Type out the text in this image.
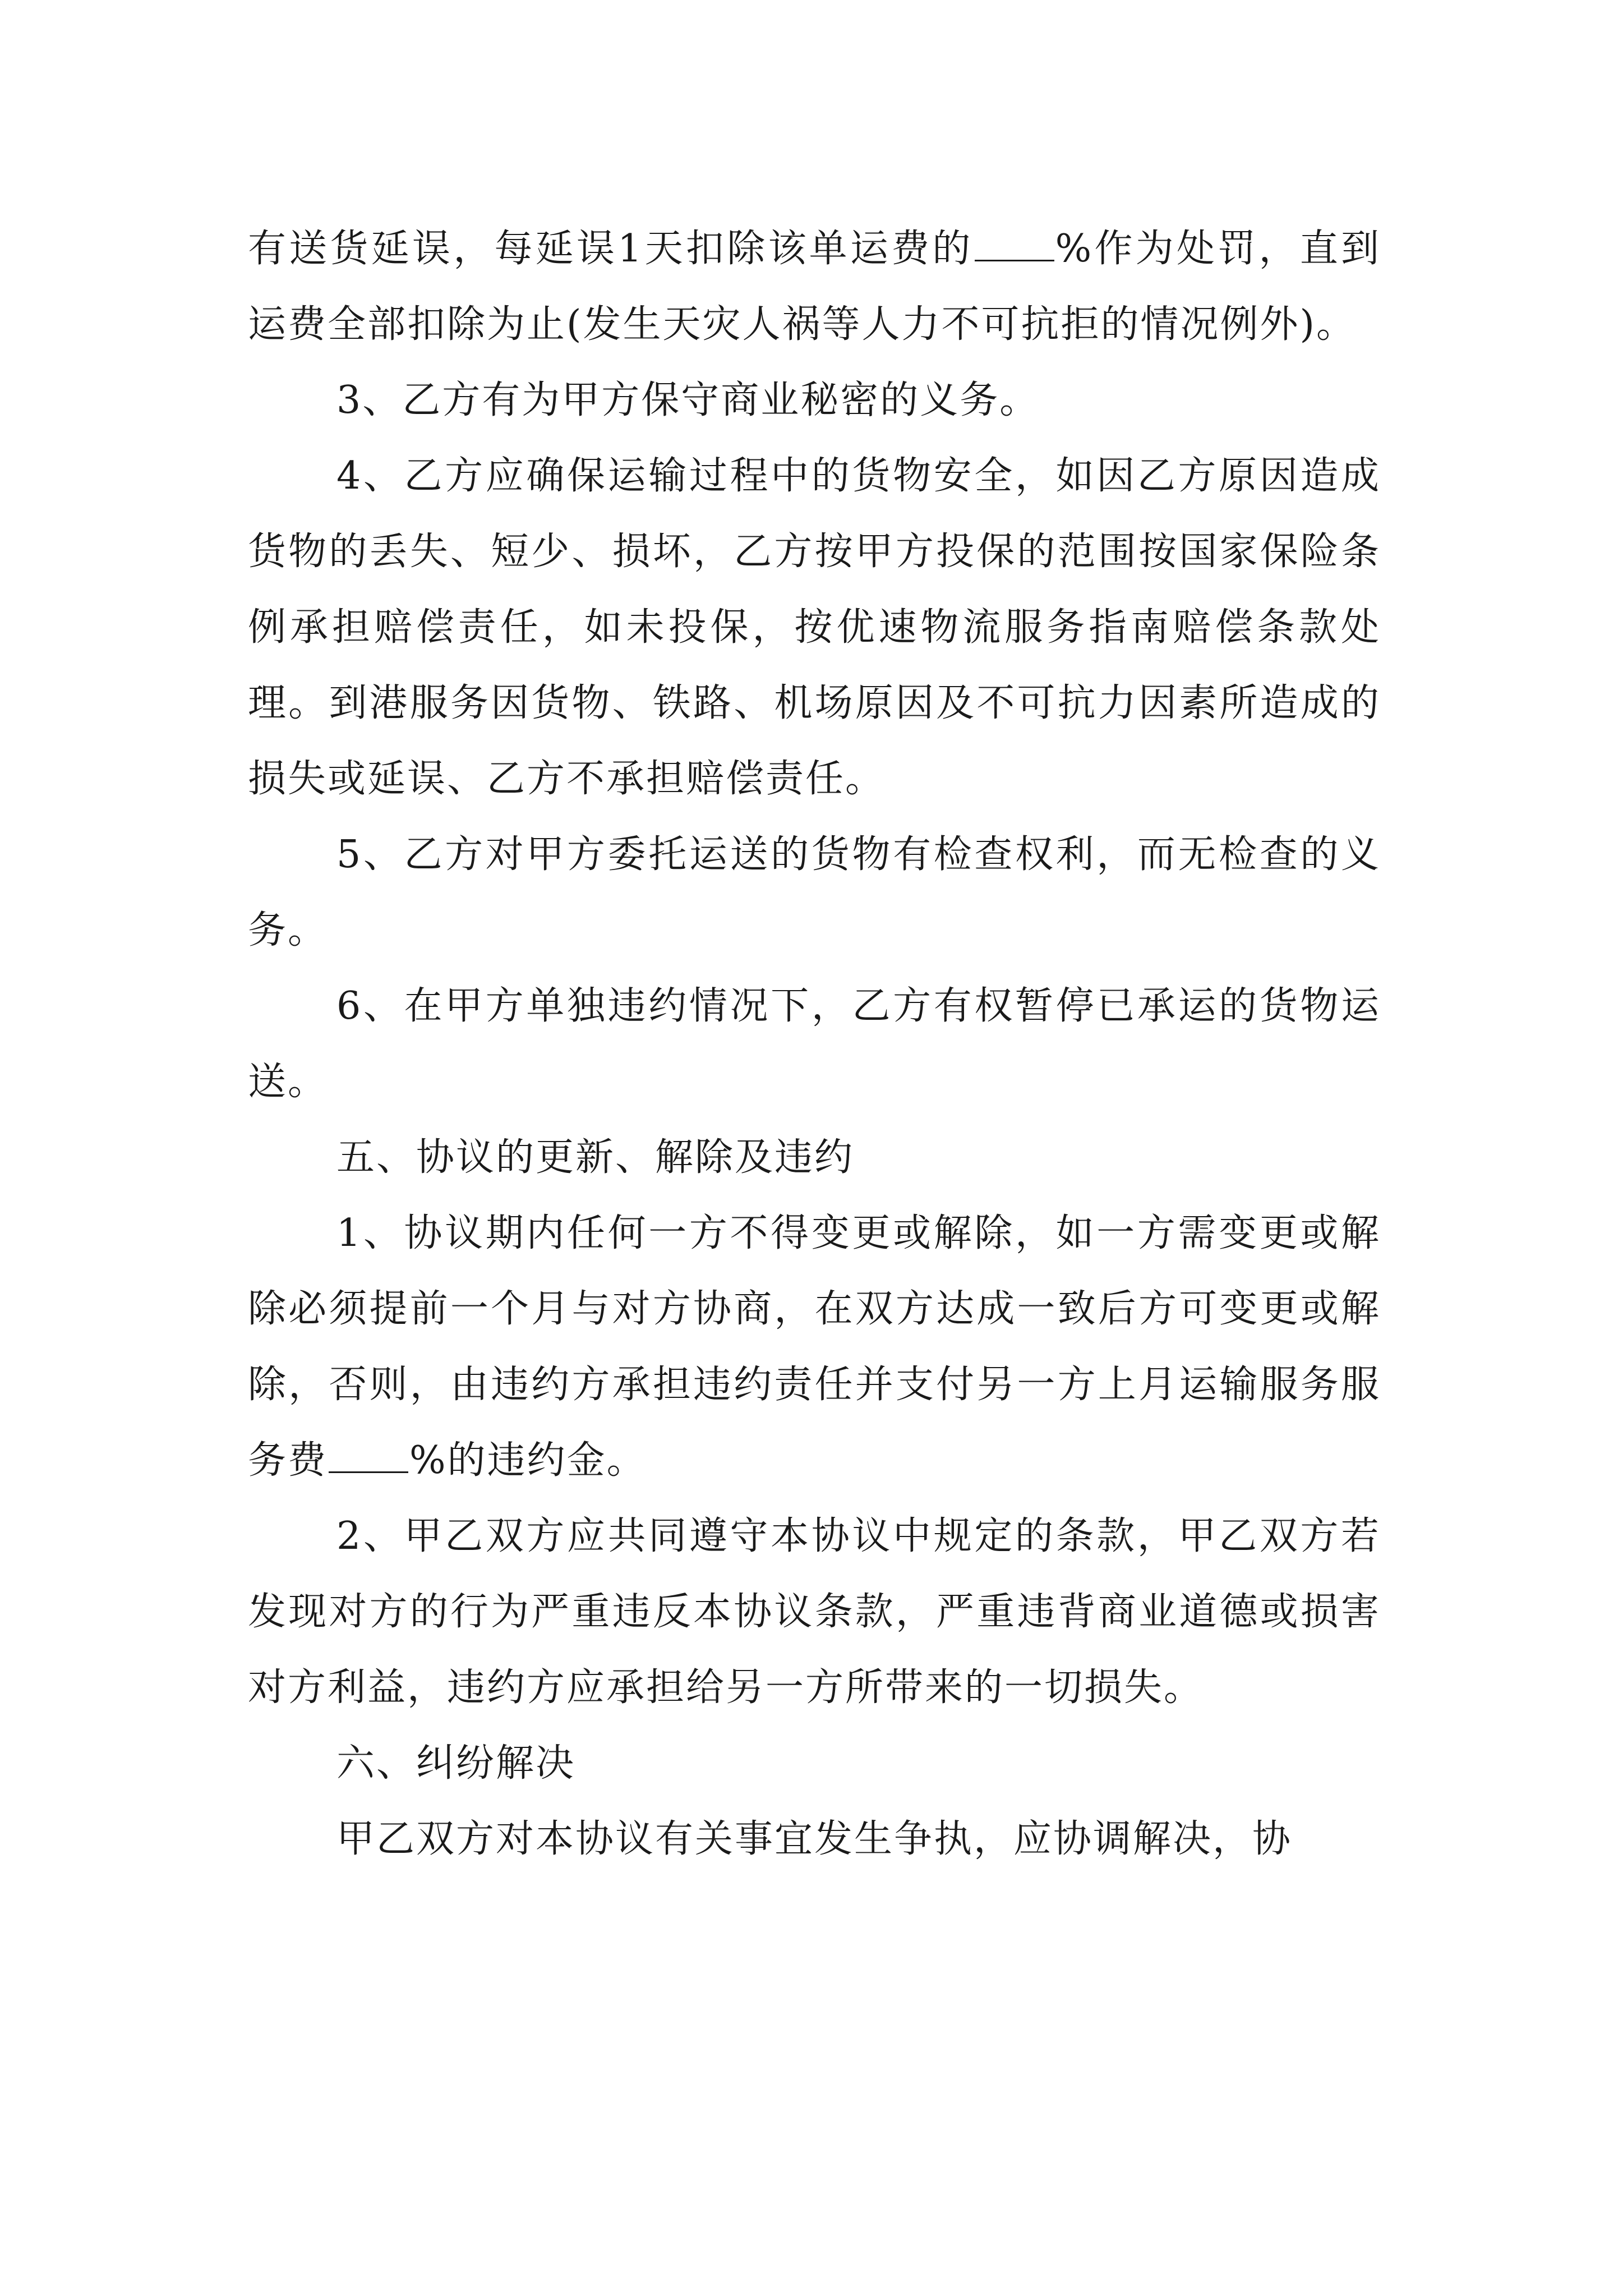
有送货延误，每延误1天扣除该单运费的 %作为处罚，直到运费全部扣除为止(发生天灾人祸等人力不可抗拒的情况例外)。

3、乙方有为甲方保守商业秘密的义务。

4、乙方应确保运输过程中的货物安全，如因乙方原因造成货物的丢失、短少、损坏，乙方按甲方投保的范围按国家保险条例承担赔偿责任，如未投保，按优速物流服务指南赔偿条款处理。到港服务因货物、铁路、机场原因及不可抗力因素所造成的损失或延误、乙方不承担赔偿责任。

5、乙方对甲方委托运送的货物有检查权利，而无检查的义务。

6、在甲方单独违约情况下，乙方有权暂停已承运的货物运送。

五、协议的更新、解除及违约

1、协议期内任何一方不得变更或解除，如一方需变更或解除必须提前一个月与对方协商，在双方达成一致后方可变更或解除，否则，由违约方承担违约责任并支付另一方上月运输服务服务费 %的违约金。

2、甲乙双方应共同遵守本协议中规定的条款，甲乙双方若发现对方的行为严重违反本协议条款，严重违背商业道德或损害对方利益，违约方应承担给另一方所带来的一切损失。

六、纠纷解决

甲乙双方对本协议有关事宜发生争执，应协调解决，协
